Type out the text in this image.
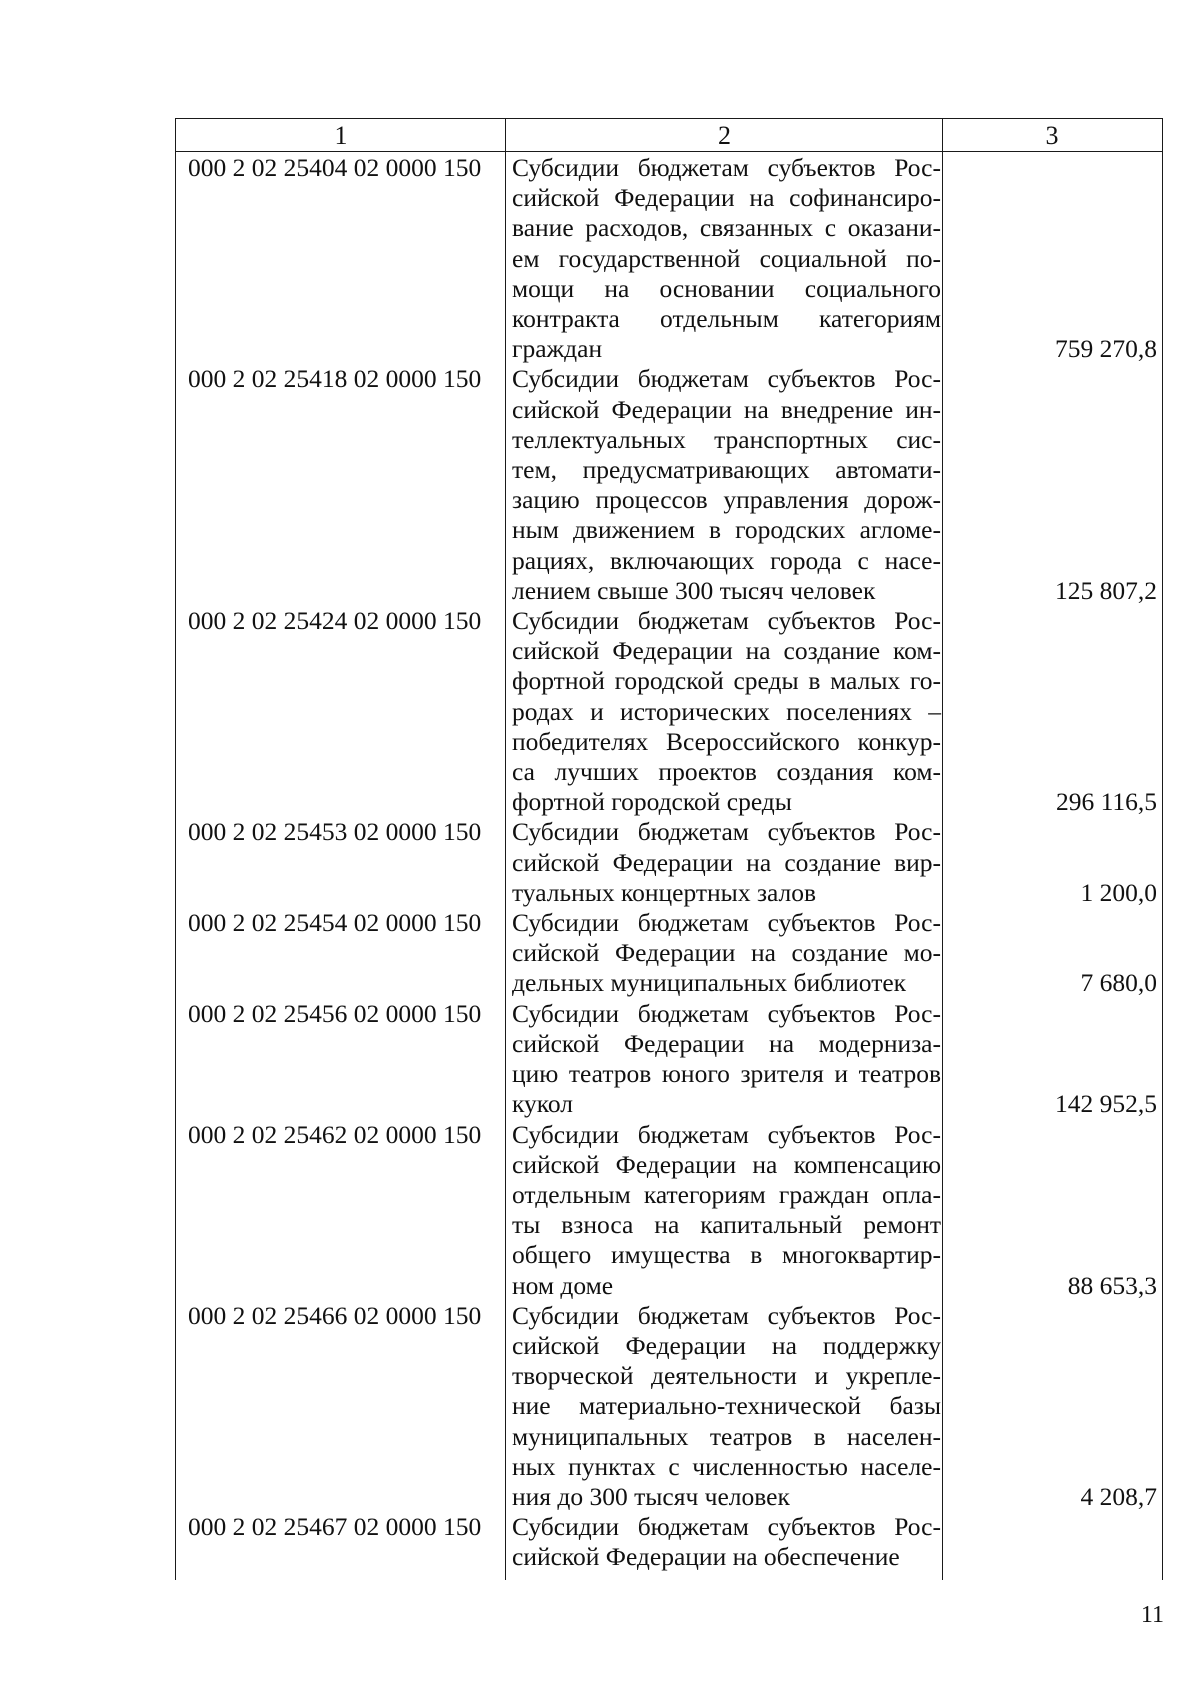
1	2	3
000 2 02 25404 02 0000 150	Субсидии бюджетам субъектов Рос-
сийской Федерации на софинансиро-
вание расходов, связанных с оказани-
ем государственной социальной по-
мощи на основании социального
контракта отдельным категориям
граждан	759 270,8
000 2 02 25418 02 0000 150	Субсидии бюджетам субъектов Рос-
сийской Федерации на внедрение ин-
теллектуальных транспортных сис-
тем, предусматривающих автомати-
зацию процессов управления дорож-
ным движением в городских агломе-
рациях, включающих города с насе-
лением свыше 300 тысяч человек	125 807,2
000 2 02 25424 02 0000 150	Субсидии бюджетам субъектов Рос-
сийской Федерации на создание ком-
фортной городской среды в малых го-
родах и исторических поселениях –
победителях Всероссийского конкур-
са лучших проектов создания ком-
фортной городской среды	296 116,5
000 2 02 25453 02 0000 150	Субсидии бюджетам субъектов Рос-
сийской Федерации на создание вир-
туальных концертных залов	1 200,0
000 2 02 25454 02 0000 150	Субсидии бюджетам субъектов Рос-
сийской Федерации на создание мо-
дельных муниципальных библиотек	7 680,0
000 2 02 25456 02 0000 150	Субсидии бюджетам субъектов Рос-
сийской Федерации на модерниза-
цию театров юного зрителя и театров
кукол	142 952,5
000 2 02 25462 02 0000 150	Субсидии бюджетам субъектов Рос-
сийской Федерации на компенсацию
отдельным категориям граждан опла-
ты взноса на капитальный ремонт
общего имущества в многоквартир-
ном доме	88 653,3
000 2 02 25466 02 0000 150	Субсидии бюджетам субъектов Рос-
сийской Федерации на поддержку
творческой деятельности и укрепле-
ние материально-технической базы
муниципальных театров в населен-
ных пунктах с численностью населе-
ния до 300 тысяч человек	4 208,7
000 2 02 25467 02 0000 150	Субсидии бюджетам субъектов Рос-
сийской Федерации на обеспечение
11
